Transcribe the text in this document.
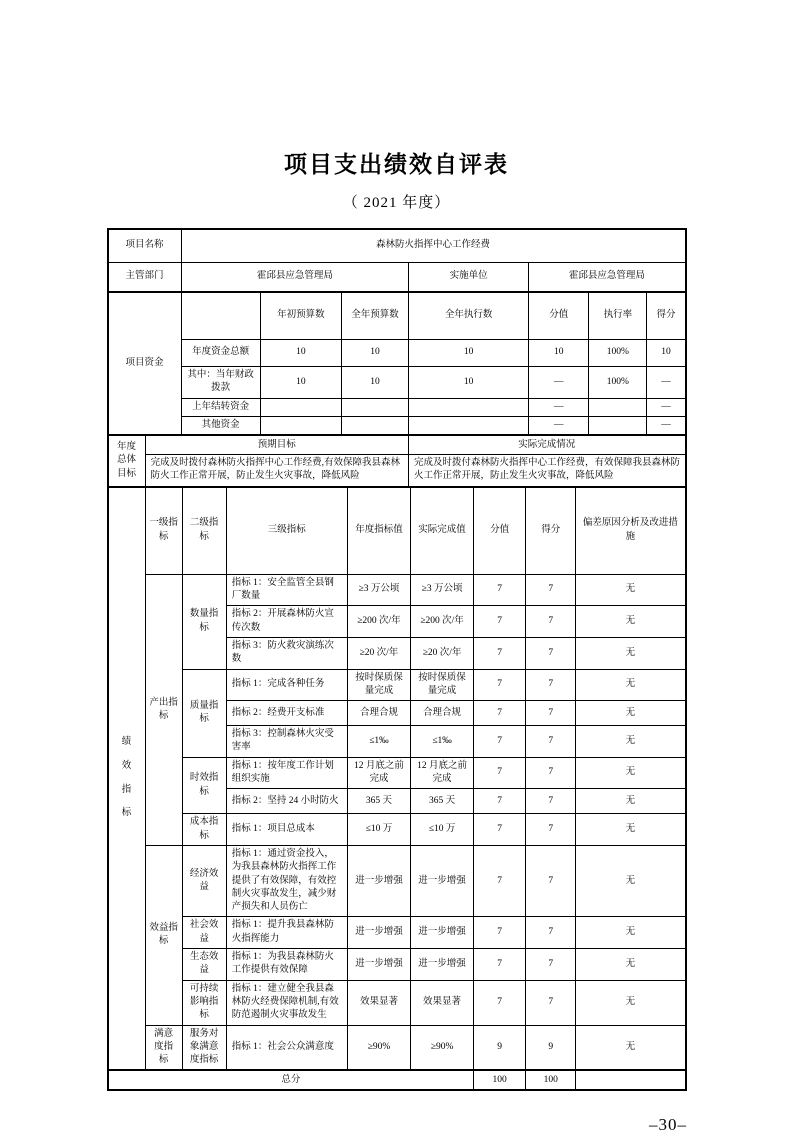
项目支出绩效自评表
（ 2021 年度）
项目名称	森林防火指挥中心工作经费		
主管部门	霍邱县应急管理局	实施单位	霍邱县应急管理局
项目资金		年初预算数	全年预算数	全年执行数	分值	执行率	得分
	年度资金总额	10	10	10	10	100%	10
	其中：当年财政拨款	10	10	10	—	100%	—
	上年结转资金				—		—
	其他资金				—		—
年度总体目标	预期目标	实际完成情况
	完成及时拨付森林防火指挥中心工作经费,有效保障我县森林防火工作正常开展，防止发生火灾事故，降低风险	完成及时拨付森林防火指挥中心工作经费，有效保障我县森林防火工作正常开展，防止发生火灾事故，降低风险
绩效指标	一级指标	二级指标	三级指标	年度指标值	实际完成值	分值	得分	偏差原因分析及改进措施
	产出指标	数量指标	指标 1：安全监管全县钢厂数量	≥3 万公顷	≥3 万公顷	7	7	无
			指标 2：开展森林防火宣传次数	≥200 次/年	≥200 次/年	7	7	无
			指标 3：防火救灾演练次数	≥20 次/年	≥20 次/年	7	7	无
		质量指标	指标 1：完成各种任务	按时保质保量完成	按时保质保量完成	7	7	无
			指标 2：经费开支标准	合理合规	合理合规	7	7	无
			指标 3：控制森林火灾受害率	≤1‰	≤1‰	7	7	无
		时效指标	指标 1：按年度工作计划组织实施	12 月底之前完成	12 月底之前完成	7	7	无
			指标 2：坚持 24 小时防火	365 天	365 天	7	7	无
		成本指标	指标 1：项目总成本	≤10 万	≤10 万	7	7	无
	效益指标	经济效益	指标 1：通过资金投入，为我县森林防火指挥工作提供了有效保障，有效控制火灾事故发生，减少财产损失和人员伤亡	进一步增强	进一步增强	7	7	无
		社会效益	指标 1：提升我县森林防火指挥能力	进一步增强	进一步增强	7	7	无
		生态效益	指标 1：为我县森林防火工作提供有效保障	进一步增强	进一步增强	7	7	无
		可持续影响指标	指标 1：建立健全我县森林防火经费保障机制,有效防范遏制火灾事故发生	效果显著	效果显著	7	7	无

	满意度指标	服务对象满意度指标	指标 1：社会公众满意度	≥90%	≥90%	9	9	无
总分	100	100	
–30–
